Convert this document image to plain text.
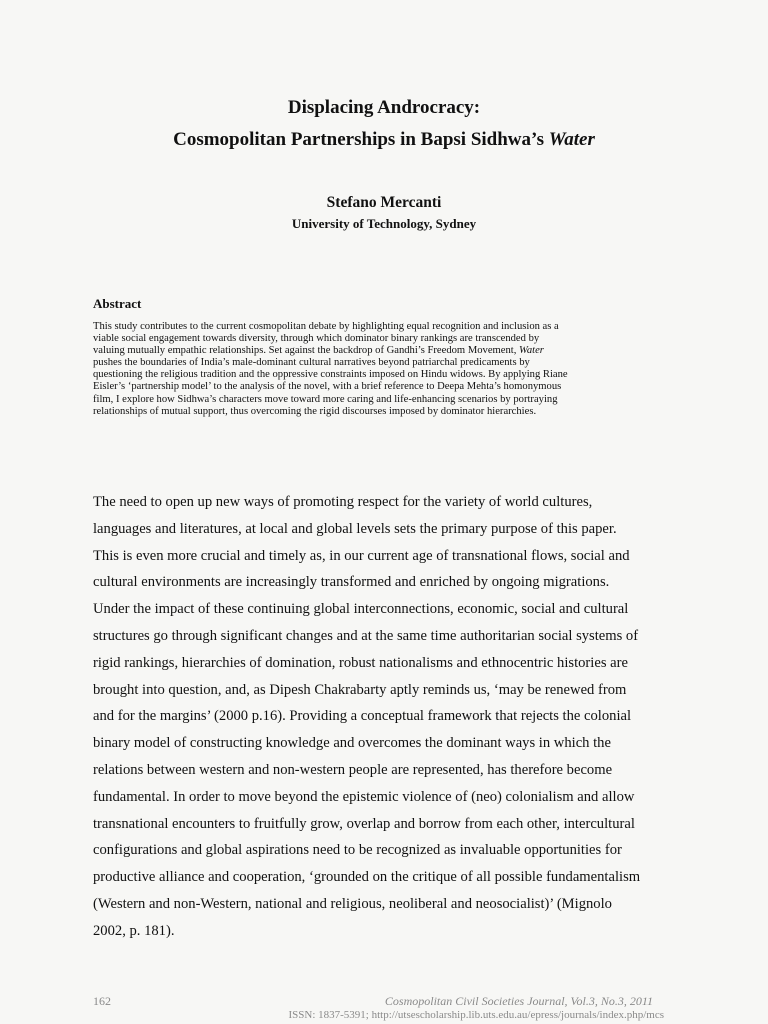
Displacing Androcracy:

Cosmopolitan Partnerships in Bapsi Sidhwa’s Water

Stefano Mercanti

University of Technology, Sydney

Abstract

This study contributes to the current cosmopolitan debate by highlighting equal recognition and inclusion as a

viable social engagement towards diversity, through which dominator binary rankings are transcended by

valuing mutually empathic relationships. Set against the backdrop of Gandhi’s Freedom Movement, Water

pushes the boundaries of India’s male-dominant cultural narratives beyond patriarchal predicaments by

questioning the religious tradition and the oppressive constraints imposed on Hindu widows. By applying Riane

Eisler’s ‘partnership model’ to the analysis of the novel, with a brief reference to Deepa Mehta’s homonymous

film, I explore how Sidhwa’s characters move toward more caring and life-enhancing scenarios by portraying

relationships of mutual support, thus overcoming the rigid discourses imposed by dominator hierarchies.

The need to open up new ways of promoting respect for the variety of world cultures,
languages and literatures, at local and global levels sets the primary purpose of this paper.
This is even more crucial and timely as, in our current age of transnational flows, social and
cultural environments are increasingly transformed and enriched by ongoing migrations.
Under the impact of these continuing global interconnections, economic, social and cultural
structures go through significant changes and at the same time authoritarian social systems of
rigid rankings, hierarchies of domination, robust nationalisms and ethnocentric histories are
brought into question, and, as Dipesh Chakrabarty aptly reminds us, ‘may be renewed from
and for the margins’ (2000 p.16). Providing a conceptual framework that rejects the colonial
binary model of constructing knowledge and overcomes the dominant ways in which the
relations between western and non-western people are represented, has therefore become
fundamental. In order to move beyond the epistemic violence of (neo) colonialism and allow
transnational encounters to fruitfully grow, overlap and borrow from each other, intercultural
configurations and global aspirations need to be recognized as invaluable opportunities for
productive alliance and cooperation, ‘grounded on the critique of all possible fundamentalism
(Western and non-Western, national and religious, neoliberal and neosocialist)’ (Mignolo
2002, p. 181).

162	Cosmopolitan Civil Societies Journal, Vol.3, No.3, 2011

ISSN: 1837-5391; http://utsescholarship.lib.uts.edu.au/epress/journals/index.php/mcs
